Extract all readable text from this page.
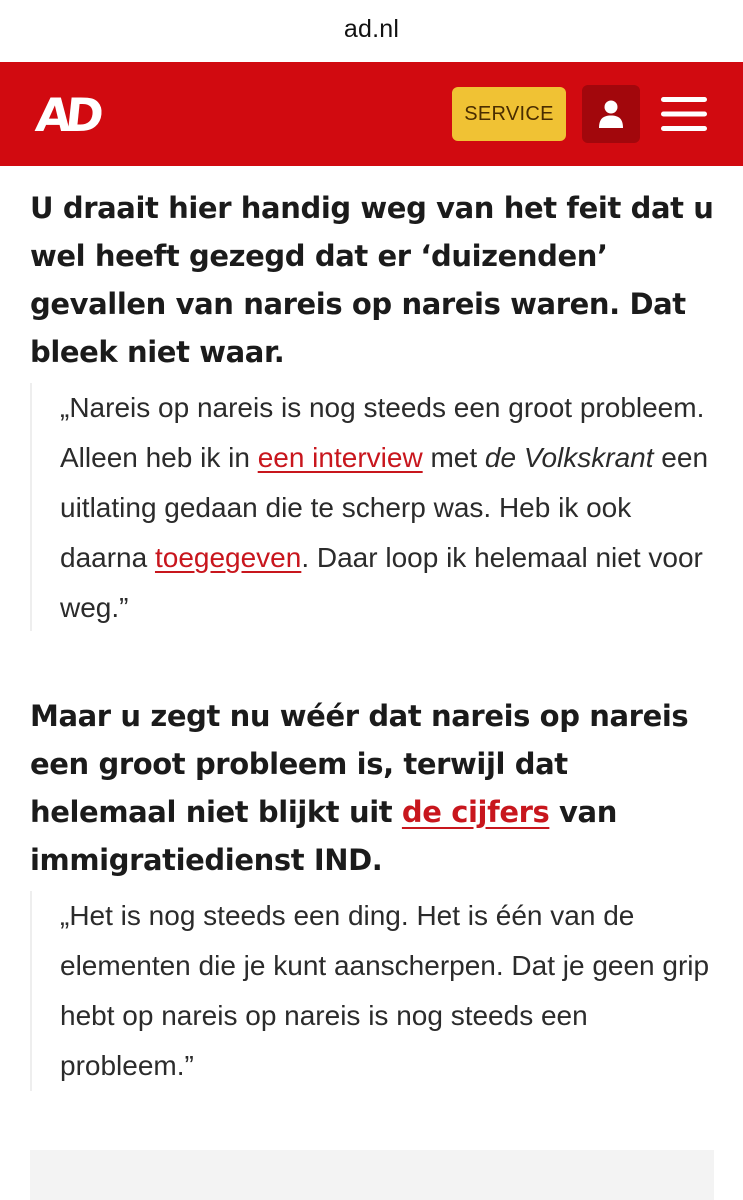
ad.nl
AD	SERVICE
U draait hier handig weg van het feit dat u wel heeft gezegd dat er ‘duizenden’ gevallen van nareis op nareis waren. Dat bleek niet waar.
„Nareis op nareis is nog steeds een groot probleem. Alleen heb ik in een interview met de Volkskrant een uitlating gedaan die te scherp was. Heb ik ook daarna toegegeven. Daar loop ik helemaal niet voor weg.”
Maar u zegt nu wéér dat nareis op nareis een groot probleem is, terwijl dat helemaal niet blijkt uit de cijfers van immigratiedienst IND.
„Het is nog steeds een ding. Het is één van de elementen die je kunt aanscherpen. Dat je geen grip hebt op nareis op nareis is nog steeds een probleem.”
